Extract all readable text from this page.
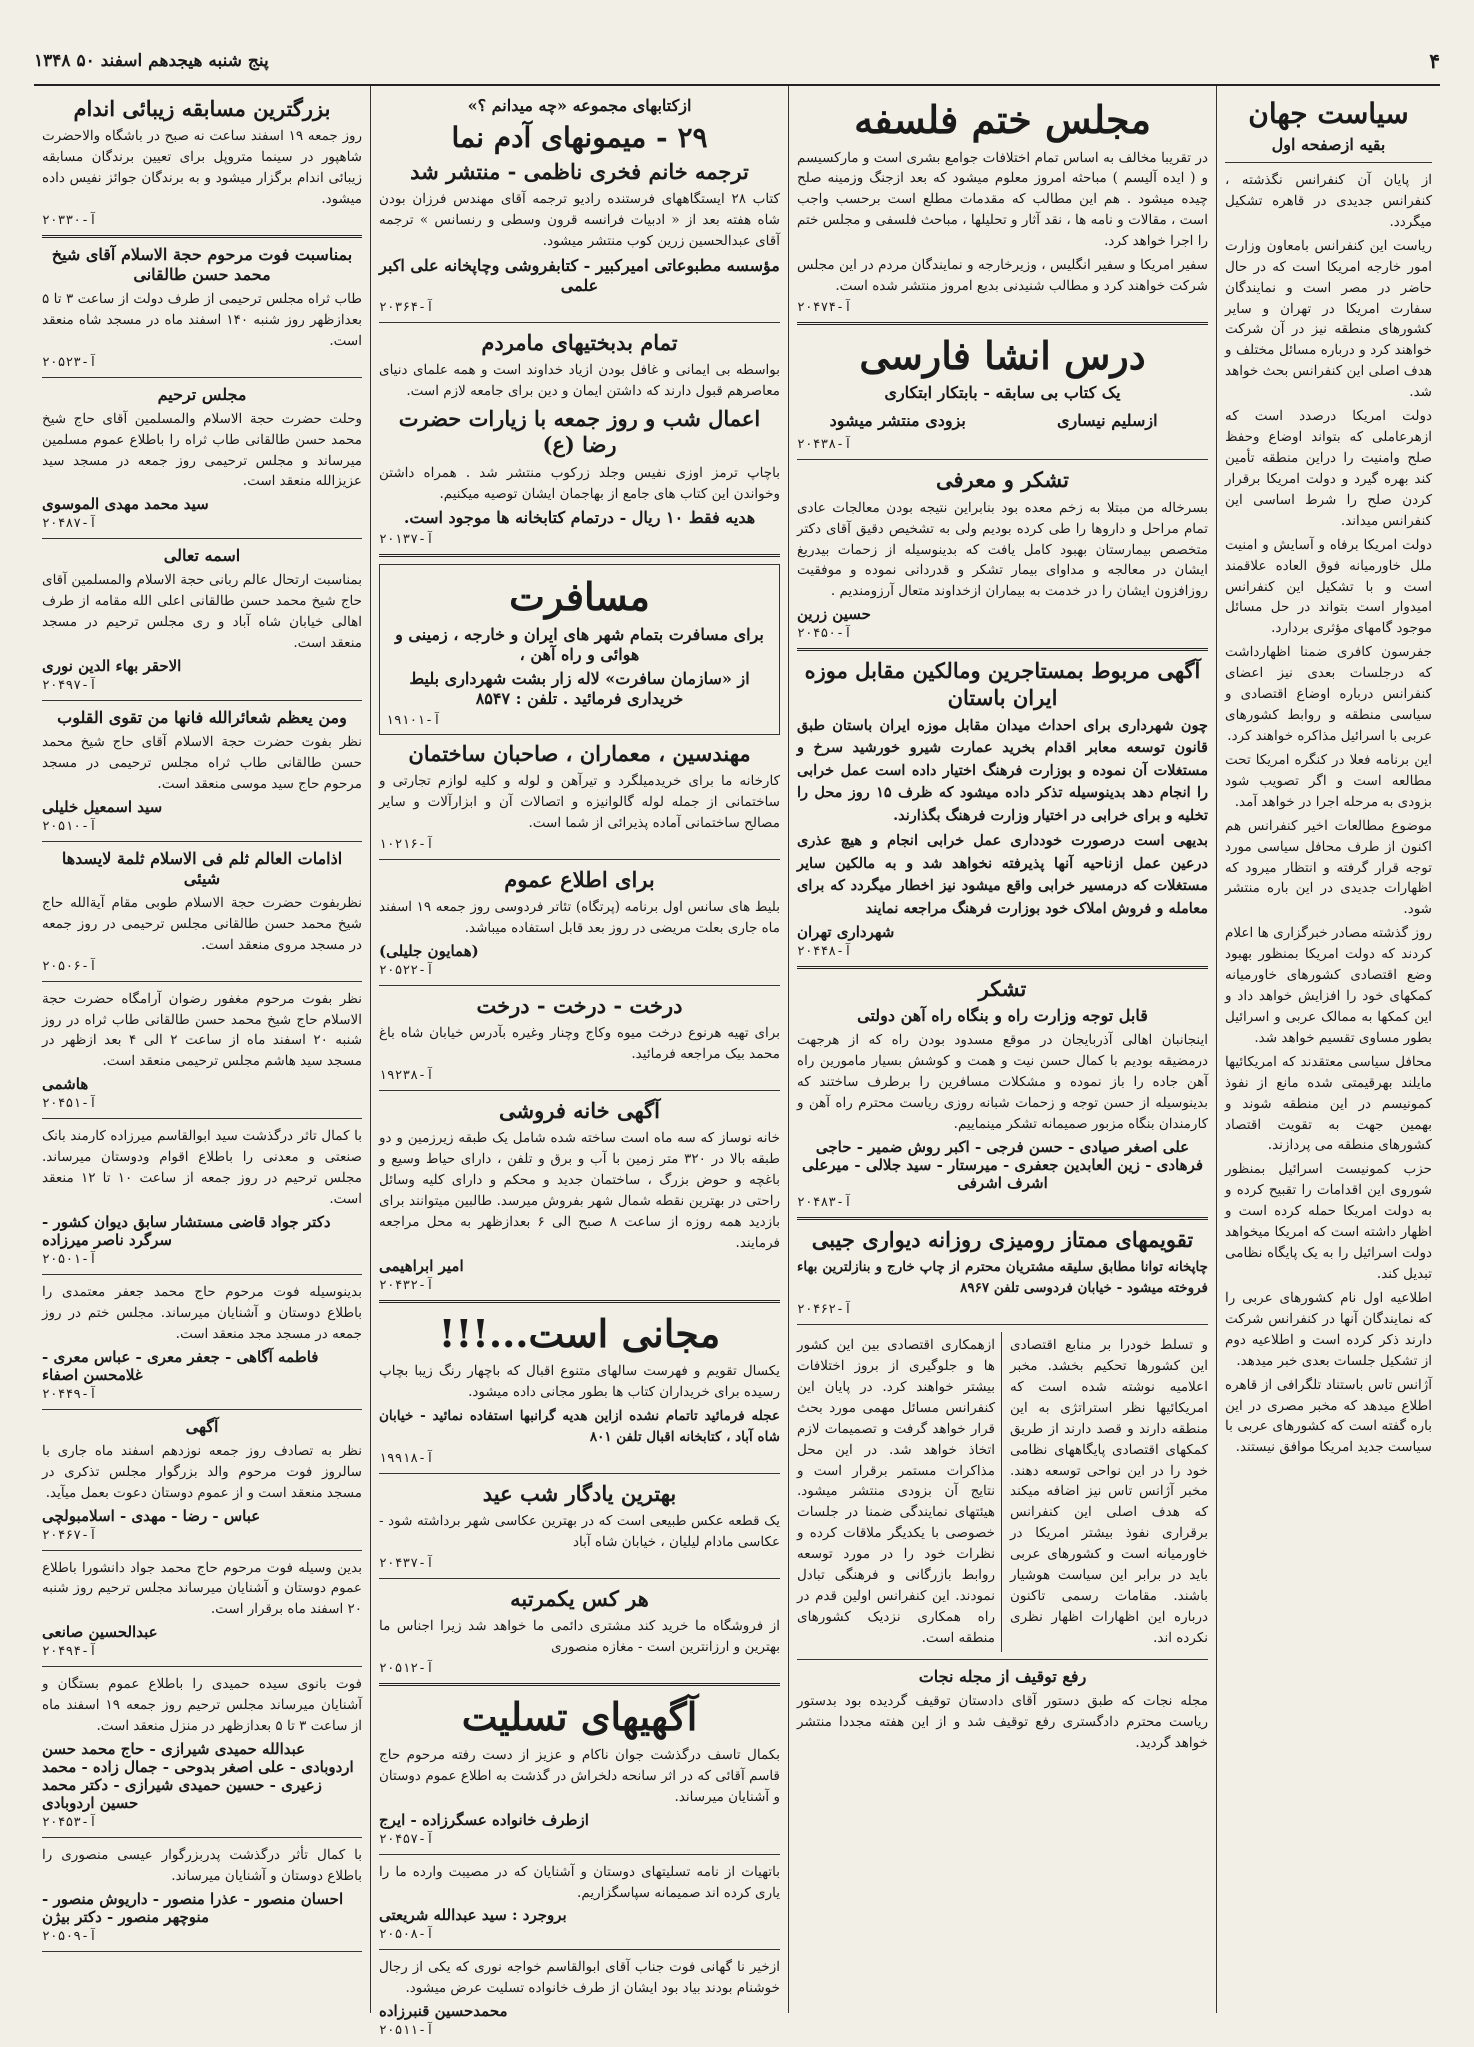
پنج شنبه هیجدهم اسفند ۵۰ ۱۳۴۸	۴
سیاست جهان
بقیه ازصفحه اول

از پایان آن کنفرانس نگذشته ، کنفرانس جدیدی در قاهره تشکیل میگردد.

ریاست این کنفرانس بامعاون وزارت امور خارجه امریکا است که در حال حاضر در مصر است و نمایندگان سفارت امریکا در تهران و سایر کشورهای منطقه نیز در آن شرکت خواهند کرد و درباره مسائل مختلف و هدف اصلی این کنفرانس بحث خواهد شد.

دولت امریکا درصدد است که ازهرعاملی که بتواند اوضاع وحفظ صلح وامنیت را دراین منطقه تأمین کند بهره گیرد و دولت امریکا برقرار کردن صلح را شرط اساسی این کنفرانس میداند.

دولت امریکا برفاه و آسایش و امنیت ملل خاورمیانه فوق العاده علاقمند است و با تشکیل این کنفرانس امیدوار است بتواند در حل مسائل موجود گامهای مؤثری بردارد.

جفرسون کافری ضمنا اظهارداشت که درجلسات بعدی نیز اعضای کنفرانس درباره اوضاع اقتصادی و سیاسی منطقه و روابط کشورهای عربی با اسرائیل مذاکره خواهند کرد.

این برنامه فعلا در کنگره امریکا تحت مطالعه است و اگر تصویب شود بزودی به مرحله اجرا در خواهد آمد.

موضوع مطالعات اخیر کنفرانس هم اکنون از طرف محافل سیاسی مورد توجه قرار گرفته و انتظار میرود که اظهارات جدیدی در این باره منتشر شود.

روز گذشته مصادر خبرگزاری ها اعلام کردند که دولت امریکا بمنظور بهبود وضع اقتصادی کشورهای خاورمیانه کمکهای خود را افزایش خواهد داد و این کمکها به ممالک عربی و اسرائیل بطور مساوی تقسیم خواهد شد.

محافل سیاسی معتقدند که امریکائیها مایلند بهرقیمتی شده مانع از نفوذ کمونیسم در این منطقه شوند و بهمین جهت به تقویت اقتصاد کشورهای منطقه می پردازند.

حزب کمونیست اسرائیل بمنظور شوروی این اقدامات را تقبیح کرده و به دولت امریکا حمله کرده است و اظهار داشته است که امریکا میخواهد دولت اسرائیل را به یک پایگاه نظامی تبدیل کند.

اطلاعیه اول نام کشورهای عربی را که نمایندگان آنها در کنفرانس شرکت دارند ذکر کرده است و اطلاعیه دوم از تشکیل جلسات بعدی خبر میدهد.

آژانس تاس باستناد تلگرافی از قاهره اطلاع میدهد که مخبر مصری در این باره گفته است که کشورهای عربی با سیاست جدید امریکا موافق نیستند.

مجلس ختم فلسفه

در تقریبا مخالف به اساس تمام اختلافات جوامع بشری است و مارکسیسم و ( ایده آلیسم ) مباحثه امروز معلوم میشود که بعد ازجنگ وزمینه صلح چیده میشود . هم این مطالب که مقدمات مطلع است برحسب واجب است ، مقالات و نامه ها ، نقد آثار و تحلیلها ، مباحث فلسفی و مجلس ختم را اجرا خواهد کرد.

سفیر امریکا و سفیر انگلیس ، وزیرخارجه و نمایندگان مردم در این مجلس شرکت خواهند کرد و مطالب شنیدنی بدیع امروز منتشر شده است.

۲۰۴۷۴-آ
درس انشا فارسی
یک کتاب بی سابقه - بابتکار ابتکاری
ازسلیم نیساری
بزودی منتشر میشود
۲۰۴۳۸-آ
تشکر و معرفی

بسرخاله من مبتلا به زخم معده بود بنابراین نتیجه بودن معالجات عادی تمام مراحل و داروها را طی کرده بودیم ولی به تشخیص دقیق آقای دکتر متخصص بیمارستان بهبود کامل یافت که بدینوسیله از زحمات بیدریغ ایشان در معالجه و مداوای بیمار تشکر و قدردانی نموده و موفقیت روزافزون ایشان را در خدمت به بیماران ازخداوند متعال آرزومندیم .

حسین زرین
۲۰۴۵۰-آ
آگهی مربوط بمستاجرین ومالکین مقابل موزه ایران باستان

چون شهرداری برای احداث میدان مقابل موزه ایران باستان طبق قانون توسعه معابر اقدام بخرید عمارت شیرو خورشید سرخ و مستغلات آن نموده و بوزارت فرهنگ اختیار داده است عمل خرابی را انجام دهد بدینوسیله تذکر داده میشود که ظرف ۱۵ روز محل را تخلیه و برای خرابی در اختیار وزارت فرهنگ بگذارند.

بدیهی است درصورت خودداری عمل خرابی انجام و هیچ عذری درعین عمل ازناحیه آنها پذیرفته نخواهد شد و به مالکین سایر مستغلات که درمسیر خرابی واقع میشود نیز اخطار میگردد که برای معامله و فروش املاک خود بوزارت فرهنگ مراجعه نمایند

شهرداری تهران
۲۰۴۴۸-آ
تشکر
قابل توجه وزارت راه و بنگاه راه آهن دولتی

اینجانبان اهالی آذربایجان در موقع مسدود بودن راه که از هرجهت درمضیقه بودیم با کمال حسن نیت و همت و کوشش بسیار مامورین راه آهن جاده را باز نموده و مشکلات مسافرین را برطرف ساختند که بدینوسیله از حسن توجه و زحمات شبانه روزی ریاست محترم راه آهن و کارمندان بنگاه مزبور صمیمانه تشکر مینماییم.

علی اصغر صیادی - حسن فرجی - اکبر روش ضمیر - حاجی فرهادی - زین العابدین جعفری - میرستار - سید جلالی - میرعلی اشرف اشرفی
۲۰۴۸۳-آ
تقویمهای ممتاز رومیزی روزانه دیواری جیبی

چاپخانه توانا مطابق سلیقه مشتریان محترم از چاپ خارج و بنازلترین بهاء فروخته میشود - خیابان فردوسی تلفن ۸۹۶۷

۲۰۴۶۲-آ

و تسلط خودرا بر منابع اقتصادی این کشورها تحکیم بخشد. مخبر اعلامیه نوشته شده است که امریکائیها نظر استراتژی به این منطقه دارند و قصد دارند از طریق کمکهای اقتصادی پایگاههای نظامی خود را در این نواحی توسعه دهند. مخبر آژانس تاس نیز اضافه میکند که هدف اصلی این کنفرانس برقراری نفوذ بیشتر امریکا در خاورمیانه است و کشورهای عربی باید در برابر این سیاست هوشیار باشند. مقامات رسمی تاکنون درباره این اظهارات اظهار نظری نکرده اند.

ازهمکاری اقتصادی بین این کشور ها و جلوگیری از بروز اختلافات بیشتر خواهند کرد. در پایان این کنفرانس مسائل مهمی مورد بحث قرار خواهد گرفت و تصمیمات لازم اتخاذ خواهد شد. در این محل مذاکرات مستمر برقرار است و نتایج آن بزودی منتشر میشود. هیئتهای نمایندگی ضمنا در جلسات خصوصی با یکدیگر ملاقات کرده و نظرات خود را در مورد توسعه روابط بازرگانی و فرهنگی تبادل نمودند. این کنفرانس اولین قدم در راه همکاری نزدیک کشورهای منطقه است.

رفع توقیف از مجله نجات

مجله نجات که طبق دستور آقای دادستان توقیف گردیده بود بدستور ریاست محترم دادگستری رفع توقیف شد و از این هفته مجددا منتشر خواهد گردید.

ازکتابهای مجموعه «چه میدانم ؟»
۲۹ - میمونهای آدم نما
ترجمه خانم فخری ناظمی - منتشر شد

کتاب ۲۸ ایستگاههای فرستنده رادیو ترجمه آقای مهندس فرزان بودن شاه هفته بعد از « ادبیات فرانسه قرون وسطی و رنسانس » ترجمه آقای عبدالحسین زرین کوب منتشر میشود.

مؤسسه مطبوعاتی امیرکبیر - کتابفروشی وچاپخانه علی اکبر علمی
۲۰۳۶۴-آ
تمام بدبختیهای مامردم

بواسطه بی ایمانی و غافل بودن ازیاد خداوند است و همه علمای دنیای معاصرهم قبول دارند که داشتن ایمان و دین برای جامعه لازم است.

اعمال شب و روز جمعه با زیارات حضرت رضا (ع)

باچاپ ترمز اوزی نفیس وجلد زرکوب منتشر شد . همراه داشتن وخواندن این کتاب های جامع از بهاجمان ایشان توصیه میکنیم.

هدیه فقط ۱۰ ریال - درتمام کتابخانه ها موجود است.
۲۰۱۳۷-آ
مسافرت
برای مسافرت بتمام شهر های ایران و خارجه ، زمینی و هوائی و راه آهن ،
از «سازمان سافرت» لاله زار بشت شهرداری بلیط خریداری فرمائید . تلفن : ۸۵۴۷
۱۹۱۰۱-آ
مهندسین ، معماران ، صاحبان ساختمان

کارخانه ما برای خریدمیلگرد و تیرآهن و لوله و کلیه لوازم تجارتی و ساختمانی از جمله لوله گالوانیزه و اتصالات آن و ابزارآلات و سایر مصالح ساختمانی آماده پذیرائی از شما است.

۱۰۲۱۶-آ
برای اطلاع عموم

بلیط های سانس اول برنامه (پرتگاه) تئاتر فردوسی روز جمعه ۱۹ اسفند ماه جاری بعلت مریضی در روز بعد قابل استفاده میباشد.

(همایون جلیلی)
۲۰۵۲۲-آ
درخت - درخت - درخت

برای تهیه هرنوع درخت میوه وکاج وچنار وغیره بآدرس خیابان شاه باغ محمد بیک مراجعه فرمائید.

۱۹۲۳۸-آ
آگهی خانه فروشی

خانه نوساز که سه ماه است ساخته شده شامل یک طبقه زیرزمین و دو طبقه بالا در ۳۲۰ متر زمین با آب و برق و تلفن ، دارای حیاط وسیع و باغچه و حوض بزرگ ، ساختمان جدید و محکم و دارای کلیه وسائل راحتی در بهترین نقطه شمال شهر بفروش میرسد. طالبین میتوانند برای بازدید همه روزه از ساعت ۸ صبح الی ۶ بعدازظهر به محل مراجعه فرمایند.

امیر ابراهیمی
۲۰۴۳۲-آ
مجانی است...!!!

یکسال تقویم و فهرست سالهای متنوع اقبال که باچهار رنگ زیبا بچاپ رسیده برای خریداران کتاب ها بطور مجانی داده میشود.

عجله فرمائید تاتمام نشده ازاین هدیه گرانبها استفاده نمائید - خیابان شاه آباد ، کتابخانه اقبال تلفن ۸۰۱

۱۹۹۱۸-آ
بهترین یادگار شب عید

یک قطعه عکس طبیعی است که در بهترین عکاسی شهر برداشته شود - عکاسی مادام لیلیان ، خیابان شاه آباد

۲۰۴۳۷-آ
هر کس یکمرتبه

از فروشگاه ما خرید کند مشتری دائمی ما خواهد شد زیرا اجناس ما بهترین و ارزانترین است - مغازه منصوری

۲۰۵۱۲-آ
آگهیهای تسلیت

بکمال تاسف درگذشت جوان ناکام و عزیز از دست رفته مرحوم حاج قاسم آقائی که در اثر سانحه دلخراش در گذشت به اطلاع عموم دوستان و آشنایان میرساند.

ازطرف خانواده عسگرزاده - ایرج
۲۰۴۵۷-آ

باتهیات از نامه تسلیتهای دوستان و آشنایان که در مصیبت وارده ما را یاری کرده اند صمیمانه سپاسگزاریم.

بروجرد : سید عبدالله شریعتی
۲۰۵۰۸-آ

ازخیر نا گهانی فوت جناب آقای ابوالقاسم خواجه نوری که یکی از رجال خوشنام بودند بیاد بود ایشان از طرف خانواده تسلیت عرض میشود.

محمدحسین قنبرزاده
۲۰۵۱۱-آ
بزرگترین مسابقه زیبائی اندام

روز جمعه ۱۹ اسفند ساعت نه صبح در باشگاه والاحضرت شاهپور در سینما متروپل برای تعیین برندگان مسابقه زیبائی اندام برگزار میشود و به برندگان جوائز نفیس داده میشود.

۲۰۳۳۰-آ
بمناسبت فوت مرحوم حجة الاسلام آقای شیخ محمد حسن طالقانی

طاب ثراه مجلس ترحیمی از طرف دولت از ساعت ۳ تا ۵ بعدازظهر روز شنبه ۱۴۰ اسفند ماه در مسجد شاه منعقد است.

۲۰۵۲۳-آ
مجلس ترحیم

وحلت حضرت حجة الاسلام والمسلمین آقای حاج شیخ محمد حسن طالقانی طاب ثراه را باطلاع عموم مسلمین میرساند و مجلس ترحیمی روز جمعه در مسجد سید عزیزالله منعقد است.

سید محمد مهدی الموسوی
۲۰۴۸۷-آ
اسمه تعالی

بمناسبت ارتحال عالم ربانی حجة الاسلام والمسلمین آقای حاج شیخ محمد حسن طالقانی اعلی الله مقامه از طرف اهالی خیابان شاه آباد و ری مجلس ترحیم در مسجد منعقد است.

الاحقر بهاء الدین نوری
۲۰۴۹۷-آ
ومن یعظم شعائرالله فانها من تقوی القلوب

نظر بفوت حضرت حجة الاسلام آقای حاج شیخ محمد حسن طالقانی طاب ثراه مجلس ترحیمی در مسجد مرحوم حاج سید موسی منعقد است.

سید اسمعیل خلیلی
۲۰۵۱۰-آ
اذامات العالم ثلم فی الاسلام ثلمة لایسدها شیئی

نظربفوت حضرت حجة الاسلام طوبی مقام آیةالله حاج شیخ محمد حسن طالقانی مجلس ترحیمی در روز جمعه در مسجد مروی منعقد است.

۲۰۵۰۶-آ

نظر بفوت مرحوم مغفور رضوان آرامگاه حضرت حجة الاسلام حاج شیخ محمد حسن طالقانی طاب ثراه در روز شنبه ۲۰ اسفند ماه از ساعت ۲ الی ۴ بعد ازظهر در مسجد سید هاشم مجلس ترحیمی منعقد است.

هاشمی
۲۰۴۵۱-آ

با کمال تاثر درگذشت سید ابوالقاسم میرزاده کارمند بانک صنعتی و معدنی را باطلاع اقوام ودوستان میرساند. مجلس ترحیم در روز جمعه از ساعت ۱۰ تا ۱۲ منعقد است.

دکتر جواد قاضی مستشار سابق دیوان کشور - سرگرد ناصر میرزاده
۲۰۵۰۱-آ

بدینوسیله فوت مرحوم حاج محمد جعفر معتمدی را باطلاع دوستان و آشنایان میرساند. مجلس ختم در روز جمعه در مسجد مجد منعقد است.

فاطمه آگاهی - جعفر معری - عباس معری - غلامحسن اصفاء
۲۰۴۴۹-آ
آگهی

نظر به تصادف روز جمعه نوزدهم اسفند ماه جاری با سالروز فوت مرحوم والد بزرگوار مجلس تذکری در مسجد منعقد است و از عموم دوستان دعوت بعمل میآید.

عباس - رضا - مهدی - اسلامبولچی
۲۰۴۶۷-آ

بدین وسیله فوت مرحوم حاج محمد جواد دانشورا باطلاع عموم دوستان و آشنایان میرساند مجلس ترحیم روز شنبه ۲۰ اسفند ماه برقرار است.

عبدالحسین صانعی
۲۰۴۹۴-آ

فوت بانوی سیده حمیدی را باطلاع عموم بستگان و آشنایان میرساند مجلس ترحیم روز جمعه ۱۹ اسفند ماه از ساعت ۳ تا ۵ بعدازظهر در منزل منعقد است.

عبدالله حمیدی شیرازی - حاج محمد حسن اردوبادی - علی اصغر بدوحی - جمال زاده - محمد زعیری - حسین حمیدی شیرازی - دکتر محمد حسین اردوبادی
۲۰۴۵۳-آ

با کمال تأثر درگذشت پدربزرگوار عیسی منصوری را باطلاع دوستان و آشنایان میرساند.

احسان منصور - عذرا منصور - داریوش منصور - منوچهر منصور - دکتر بیژن
۲۰۵۰۹-آ
